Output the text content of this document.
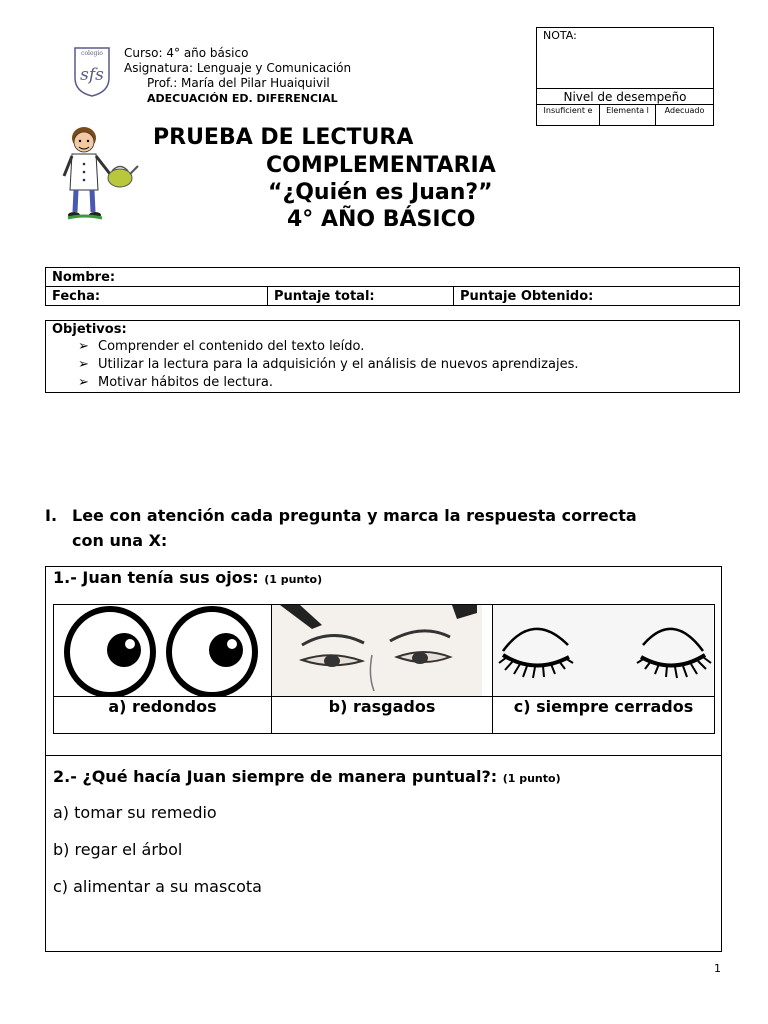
colegio
sfs
Curso: 4° año básico
Asignatura: Lenguaje y Comunicación
Prof.: María del Pilar Huaiquivil
ADECUACIÓN ED. DIFERENCIAL
NOTA:
Nivel de desempeño
Insuficient e	Elementa l	Adecuado
PRUEBA DE LECTURA
COMPLEMENTARIA
“¿Quién es Juan?”
4° AÑO BÁSICO
Nombre:
Fecha:	Puntaje total:	Puntaje Obtenido:
Objetivos:
➢ Comprender el contenido del texto leído.
➢ Utilizar la lectura para la adquisición y el análisis de nuevos aprendizajes.
➢ Motivar hábitos de lectura.
I. Lee con atención cada pregunta y marca la respuesta correcta
con una X:
1.- Juan tenía sus ojos: (1 punto)
a) redondos	b) rasgados	c) siempre cerrados
2.- ¿Qué hacía Juan siempre de manera puntual?: (1 punto)
a) tomar su remedio
b) regar el árbol
c) alimentar a su mascota
1
